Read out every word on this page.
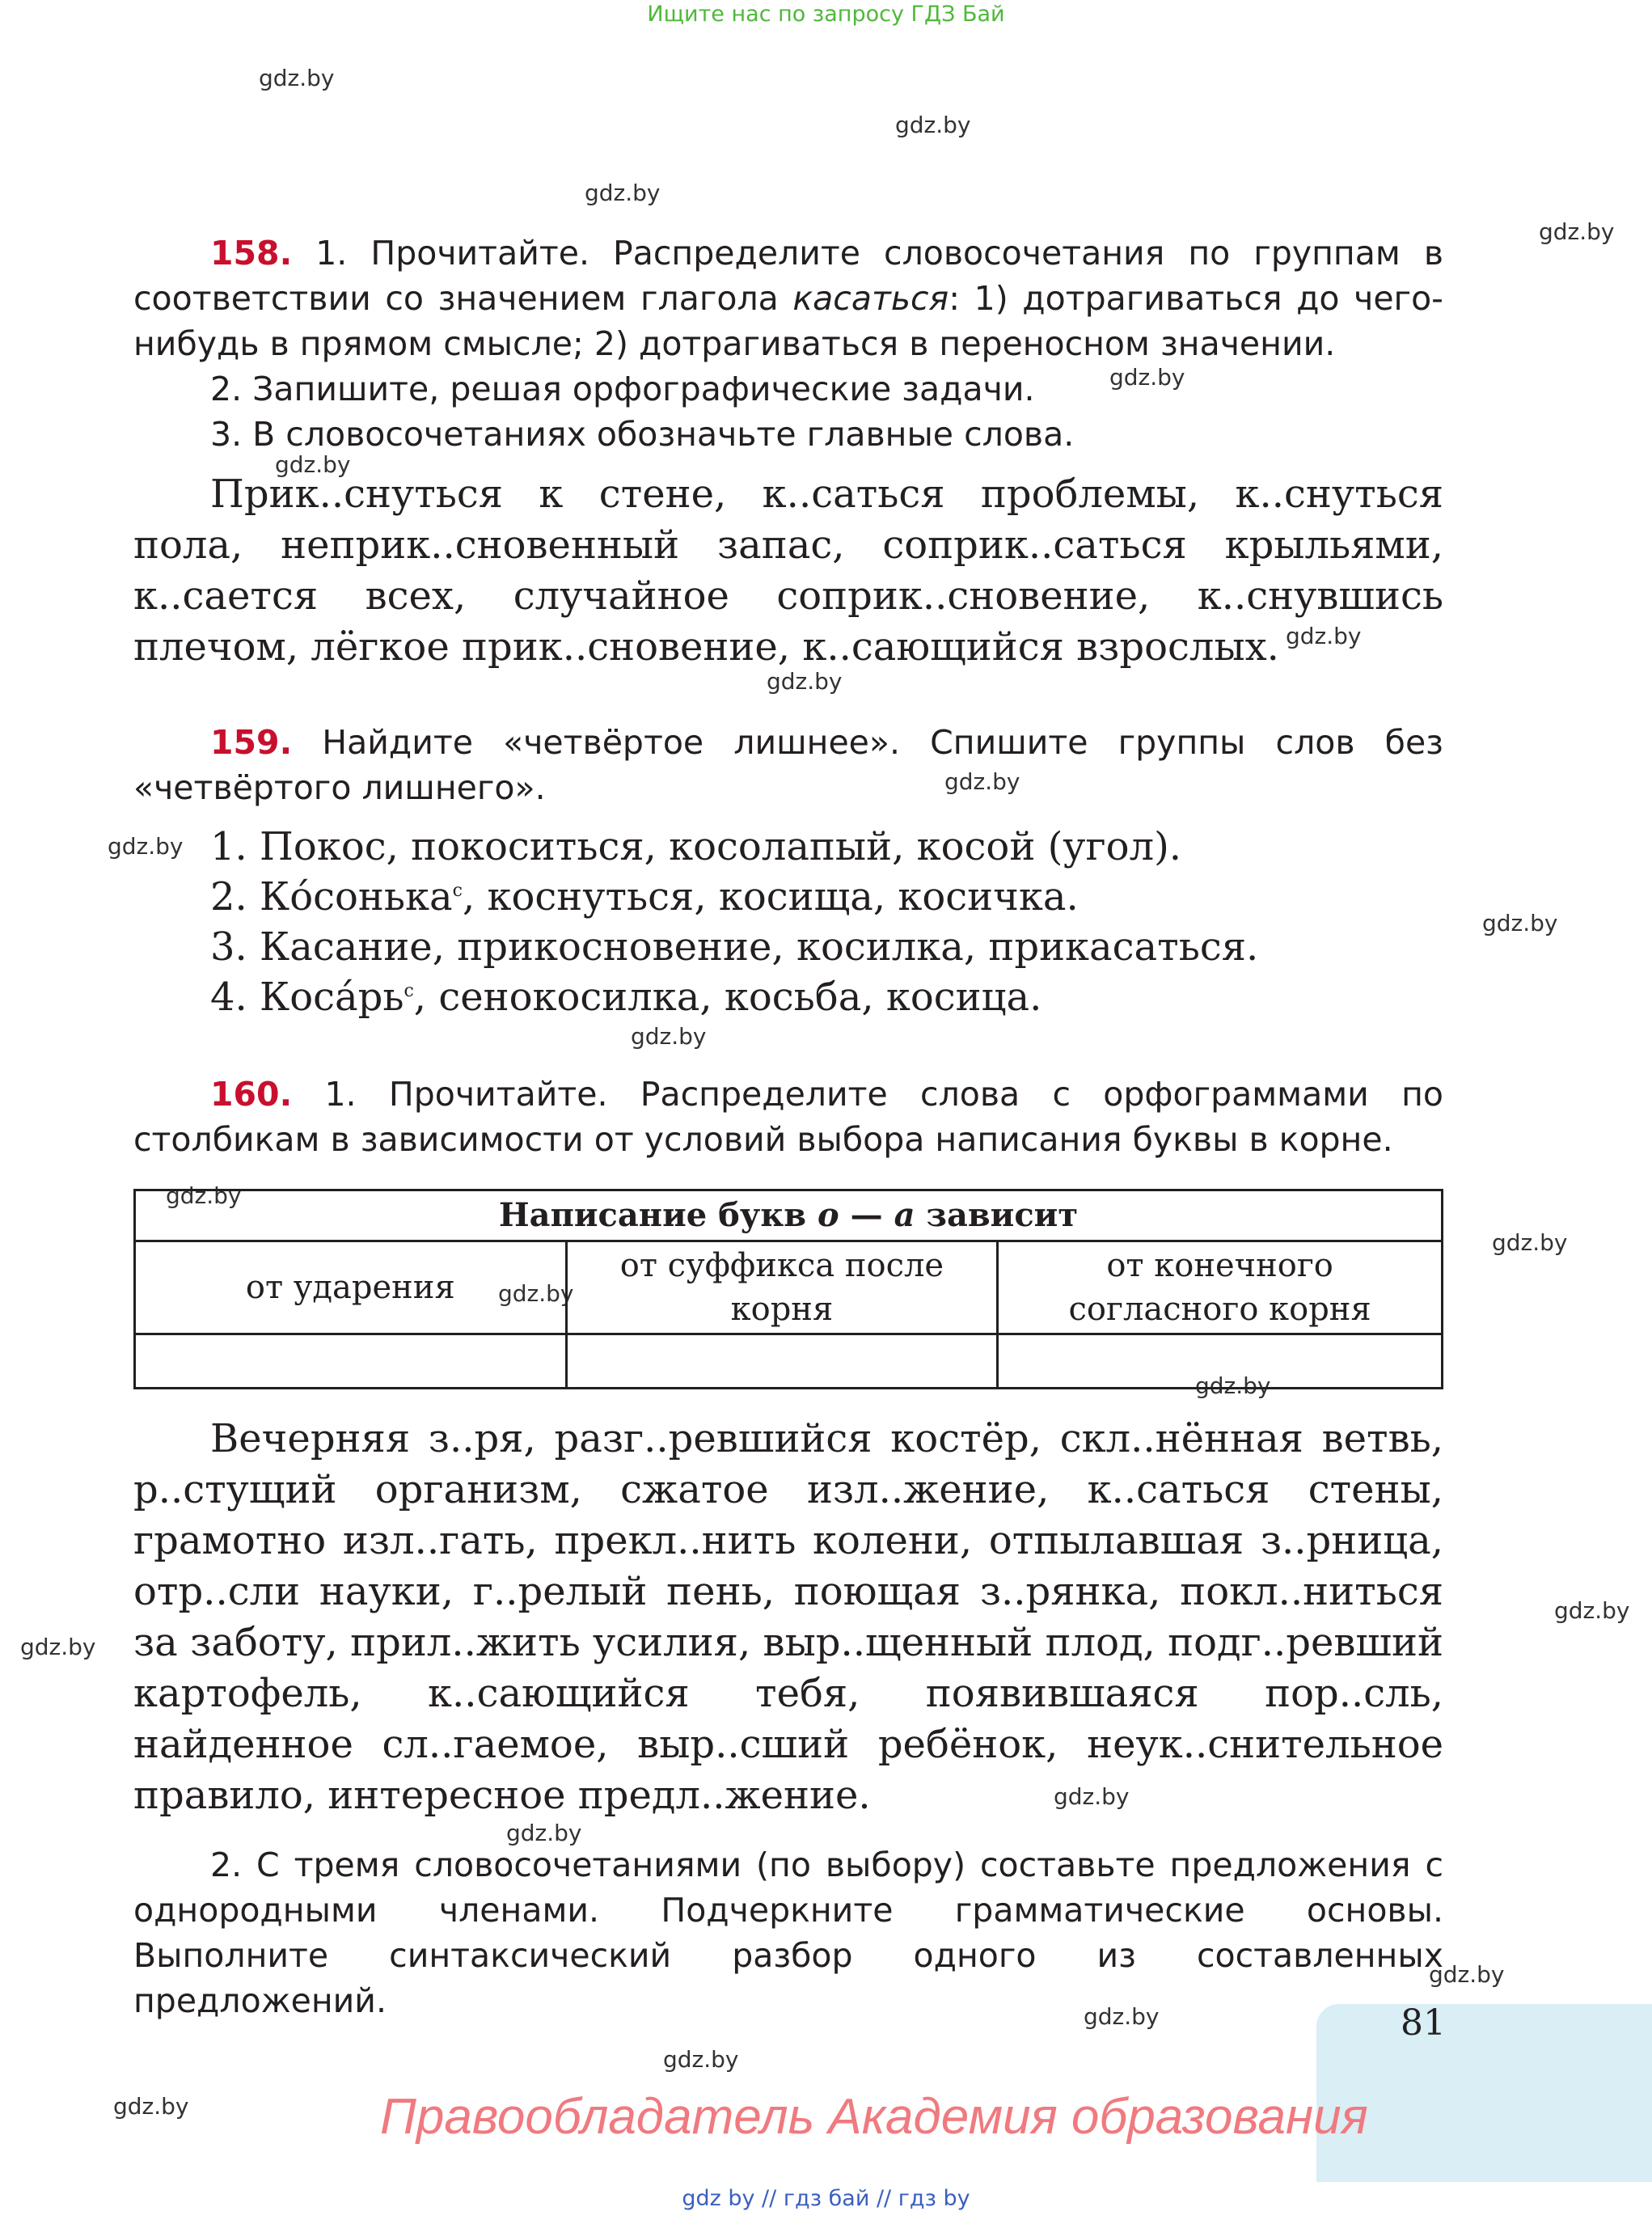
Ищите нас по запросу ГДЗ Бай
gdz.by
gdz.by
gdz.by
gdz.by
gdz.by
gdz.by
gdz.by
gdz.by
gdz.by
gdz.by
gdz.by
gdz.by
gdz.by
gdz.by
gdz.by
gdz.by
gdz.by
gdz.by
gdz.by
gdz.by
gdz.by
gdz.by
gdz.by
gdz.by

158. 1. Прочитайте. Распределите словосочетания по группам в соответствии со значением глагола касаться: 1) дотрагиваться до чего-нибудь в прямом смысле; 2) дотрагиваться в переносном значении.

2. Запишите, решая орфографические задачи.

3. В словосочетаниях обозначьте главные слова.

Прик..снуться к стене, к..саться проблемы, к..снуться пола, неприк..сновенный запас, соприк..саться крыльями, к..сается всех, случайное соприк..сновение, к..снувшись плечом, лёгкое прик..сновение, к..сающийся взрослых.

159. Найдите «четвёртое лишнее». Спишите группы слов без «четвёртого лишнего».

1. Покос, покоситься, косолапый, косой (угол).
2. Ко́сонька$^с$, коснуться, косища, косичка.
3. Касание, прикосновение, косилка, прикасаться.
4. $Коса́рь^с$, сенокосилка, косьба, косица.

160. 1. Прочитайте. Распределите слова с орфограммами по столбикам в зависимости от условий выбора написания буквы в корне.

Написание букв о — а зависит		
от ударения	от суффикса после корня	от конечного согласного корня

Вечерняя з..ря, разг..ревшийся костёр, скл..нённая ветвь, р..стущий организм, сжатое изл..жение, к..саться стены, грамотно изл..гать, прекл..нить колени, отпылавшая з..рница, отр..сли науки, г..релый пень, поющая з..рянка, покл..ниться за заботу, прил..жить усилия, выр..щенный плод, подг..ревший картофель, к..сающийся тебя, появившаяся пор..сль, найденное сл..гаемое, выр..сший ребёнок, неук..снительное правило, интересное предл..жение.

2. С тремя словосочетаниями (по выбору) составьте предложения с однородными членами. Подчеркните грамматические основы. Выполните синтаксический разбор одного из составленных предложений.

81
Правообладатель Академия образования
gdz by // гдз бай // гдз by
